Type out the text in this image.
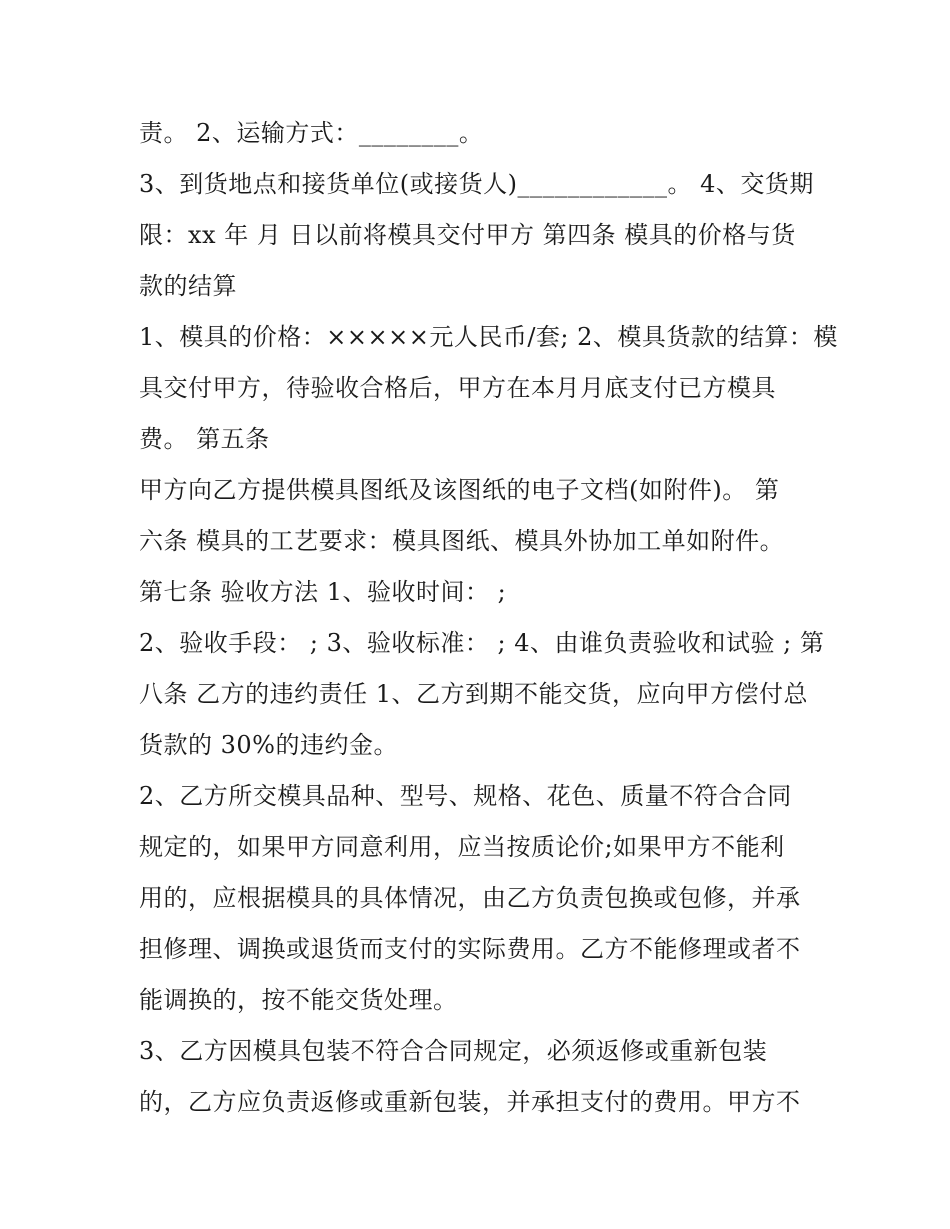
责。 2、运输方式：________。
3、到货地点和接货单位(或接货人)____________。 4、交货期
限：xx 年 月 日以前将模具交付甲方 第四条 模具的价格与货
款的结算
1、模具的价格：×××××元人民币/套; 2、模具货款的结算：模
具交付甲方，待验收合格后，甲方在本月月底支付已方模具
费。 第五条
甲方向乙方提供模具图纸及该图纸的电子文档(如附件)。 第
六条 模具的工艺要求：模具图纸、模具外协加工单如附件。
第七条 验收方法 1、验收时间： ;
2、验收手段： ; 3、验收标准： ; 4、由谁负责验收和试验 ; 第
八条 乙方的违约责任 1、乙方到期不能交货，应向甲方偿付总
货款的 30%的违约金。
2、乙方所交模具品种、型号、规格、花色、质量不符合合同
规定的，如果甲方同意利用，应当按质论价;如果甲方不能利
用的，应根据模具的具体情况，由乙方负责包换或包修，并承
担修理、调换或退货而支付的实际费用。乙方不能修理或者不
能调换的，按不能交货处理。
3、乙方因模具包装不符合合同规定，必须返修或重新包装
的，乙方应负责返修或重新包装，并承担支付的费用。甲方不
